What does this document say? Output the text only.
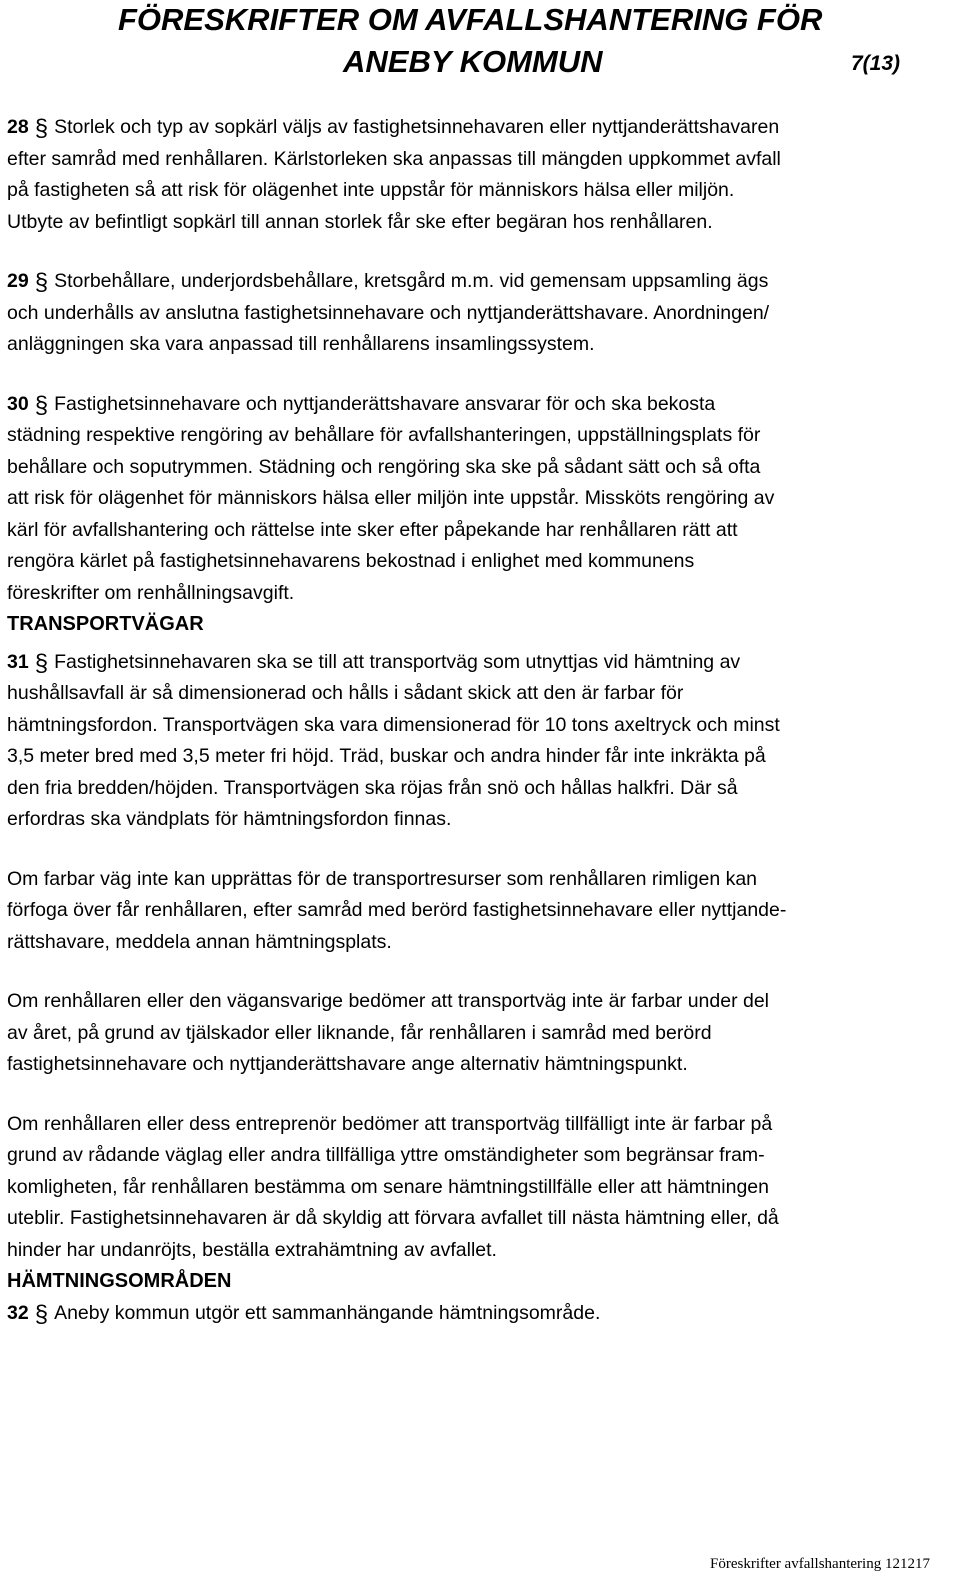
FÖRESKRIFTER OM AVFALLSHANTERING FÖR
ANEBY KOMMUN	7(13)
28 § Storlek och typ av sopkärl väljs av fastighetsinnehavaren eller nyttjanderättshavaren
efter samråd med renhållaren. Kärlstorleken ska anpassas till mängden uppkommet avfall
på fastigheten så att risk för olägenhet inte uppstår för människors hälsa eller miljön.
Utbyte av befintligt sopkärl till annan storlek får ske efter begäran hos renhållaren.
29 § Storbehållare, underjordsbehållare, kretsgård m.m. vid gemensam uppsamling ägs
och underhålls av anslutna fastighetsinnehavare och nyttjanderättshavare. Anordningen/
anläggningen ska vara anpassad till renhållarens insamlingssystem.
30 § Fastighetsinnehavare och nyttjanderättshavare ansvarar för och ska bekosta
städning respektive rengöring av behållare för avfallshanteringen, uppställningsplats för
behållare och soputrymmen. Städning och rengöring ska ske på sådant sätt och så ofta
att risk för olägenhet för människors hälsa eller miljön inte uppstår. Missköts rengöring av
kärl för avfallshantering och rättelse inte sker efter påpekande har renhållaren rätt att
rengöra kärlet på fastighetsinnehavarens bekostnad i enlighet med kommunens
föreskrifter om renhållningsavgift.
TRANSPORTVÄGAR
31 § Fastighetsinnehavaren ska se till att transportväg som utnyttjas vid hämtning av
hushållsavfall är så dimensionerad och hålls i sådant skick att den är farbar för
hämtningsfordon. Transportvägen ska vara dimensionerad för 10 tons axeltryck och minst
3,5 meter bred med 3,5 meter fri höjd. Träd, buskar och andra hinder får inte inkräkta på
den fria bredden/höjden. Transportvägen ska röjas från snö och hållas halkfri. Där så
erfordras ska vändplats för hämtningsfordon finnas.
Om farbar väg inte kan upprättas för de transportresurser som renhållaren rimligen kan
förfoga över får renhållaren, efter samråd med berörd fastighetsinnehavare eller nyttjande-
rättshavare, meddela annan hämtningsplats.
Om renhållaren eller den vägansvarige bedömer att transportväg inte är farbar under del
av året, på grund av tjälskador eller liknande, får renhållaren i samråd med berörd
fastighetsinnehavare och nyttjanderättshavare ange alternativ hämtningspunkt.
Om renhållaren eller dess entreprenör bedömer att transportväg tillfälligt inte är farbar på
grund av rådande väglag eller andra tillfälliga yttre omständigheter som begränsar fram-
komligheten, får renhållaren bestämma om senare hämtningstillfälle eller att hämtningen
uteblir. Fastighetsinnehavaren är då skyldig att förvara avfallet till nästa hämtning eller, då
hinder har undanröjts, beställa extrahämtning av avfallet.
HÄMTNINGSOMRÅDEN
32 § Aneby kommun utgör ett sammanhängande hämtningsområde.
Föreskrifter avfallshantering 121217
